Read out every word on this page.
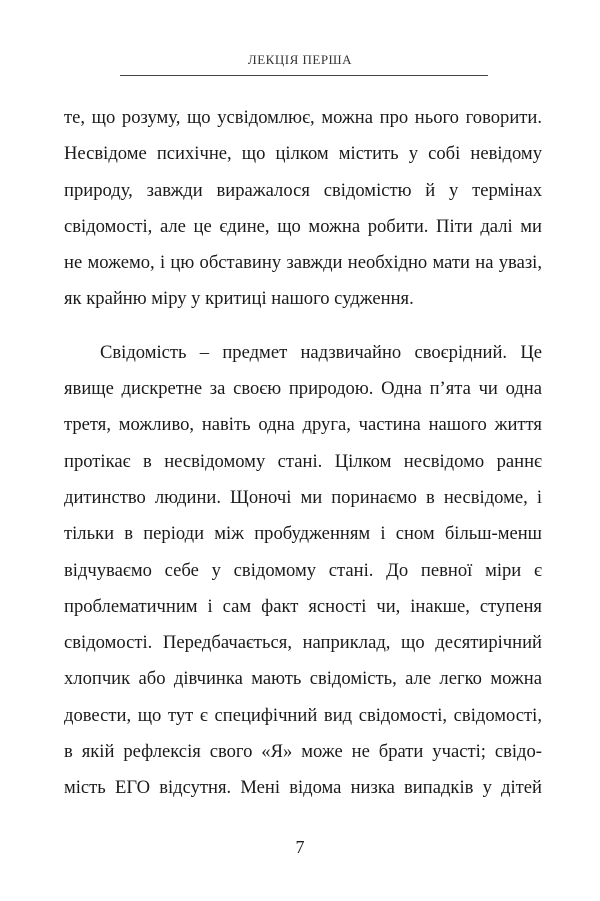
ЛЕКЦІЯ ПЕРША
те, що розуму, що усвідомлює, можна про нього говорити.
Несвідоме психічне, що цілком містить у собі невідому
природу, завжди виражалося свідомістю й у термінах
свідомості, але це єдине, що можна робити. Піти далі ми
не можемо, і цю обставину завжди необхідно мати на увазі,
як крайню міру у критиці нашого судження.
Свідомість – предмет надзвичайно своєрідний. Це
явище дискретне за своєю природою. Одна п’ята чи одна
третя, можливо, навіть одна друга, частина нашого життя
протікає в несвідомому стані. Цілком несвідомо раннє
дитинство людини. Щоночі ми поринаємо в несвідоме, і
тільки в періоди між пробудженням і сном більш-менш
відчуваємо себе у свідомому стані. До певної міри є
проблематичним і сам факт ясності чи, інакше, ступеня
свідомості. Передбачається, наприклад, що десятирічний
хлопчик або дівчинка мають свідомість, але легко можна
довести, що тут є специфічний вид свідомості, свідомості,
в якій рефлексія свого «Я» може не брати участі; свідо-
мість ЕГО відсутня. Мені відома низка випадків у дітей
7
